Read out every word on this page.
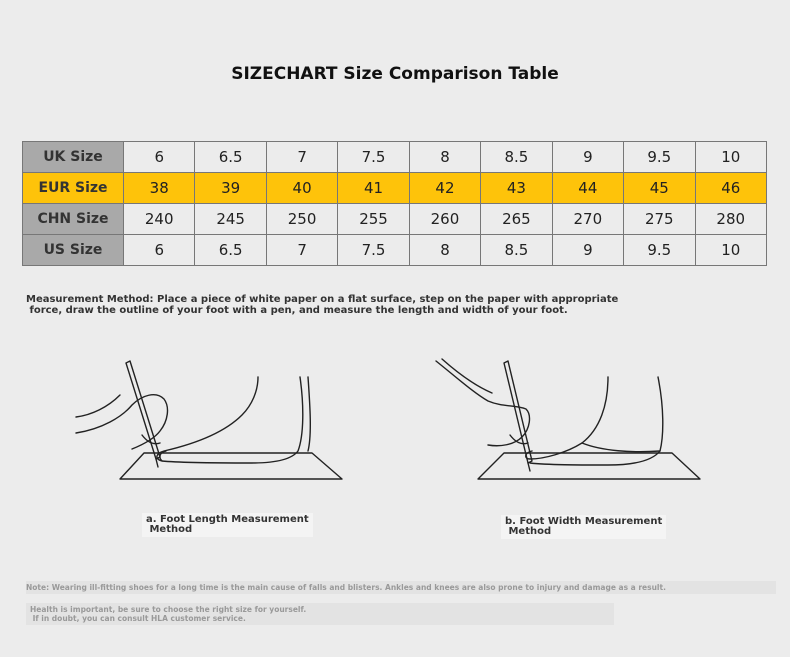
SIZECHART Size Comparison Table
UK Size	6	6.5	7	7.5	8	8.5	9	9.5	10
EUR Size	38	39	40	41	42	43	44	45	46
CHN Size	240	245	250	255	260	265	270	275	280
US Size	6	6.5	7	7.5	8	8.5	9	9.5	10
Measurement Method: Place a piece of white paper on a flat surface, step on the paper with appropriate
force, draw the outline of your foot with a pen, and measure the length and width of your foot.
a. Foot Length Measurement
Method
b. Foot Width Measurement
Method
Note: Wearing ill-fitting shoes for a long time is the main cause of falls and blisters. Ankles and knees are also prone to injury and damage as a result.
Health is important, be sure to choose the right size for yourself.
If in doubt, you can consult HLA customer service.
